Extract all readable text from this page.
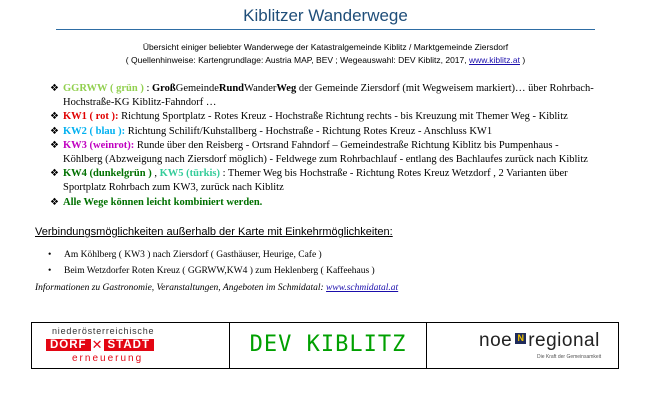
Kiblitzer Wanderwege
Übersicht einiger beliebter Wanderwege der Katastralgemeinde Kiblitz / Marktgemeinde Ziersdorf
( Quellenhinweise: Kartengrundlage: Austria MAP, BEV ; Wegeauswahl: DEV Kiblitz, 2017, www.kiblitz.at )

❖ GGRWW ( grün ) : GroßGemeindeRundWanderWeg der Gemeinde Ziersdorf (mit Wegweisem markiert)… über Rohrbach-Hochstraße-KG Kiblitz-Fahndorf …

❖ KW1 ( rot ): Richtung Sportplatz - Rotes Kreuz - Hochstraße Richtung rechts - bis Kreuzung mit Themer Weg - Kiblitz

❖ KW2 ( blau ): Richtung Schilift/Kuhstallberg - Hochstraße - Richtung Rotes Kreuz - Anschluss KW1

❖ KW3 (weinrot): Runde über den Reisberg - Ortsrand Fahndorf – Gemeindestraße Richtung Kiblitz bis Pumpenhaus - Köhlberg (Abzweigung nach Ziersdorf möglich) - Feldwege zum Rohrbachlauf - entlang des Bachlaufes zurück nach Kiblitz

❖ KW4 (dunkelgrün ) , KW5 (türkis) : Themer Weg bis Hochstraße - Richtung Rotes Kreuz Wetzdorf , 2 Varianten über Sportplatz Rohrbach zum KW3, zurück nach Kiblitz

❖ Alle Wege können leicht kombiniert werden.

Verbindungsmöglichkeiten außerhalb der Karte mit Einkehrmöglichkeiten:
• Am Köhlberg ( KW3 ) nach Ziersdorf ( Gasthäuser, Heurige, Cafe )
• Beim Wetzdorfer Roten Kreuz ( GGRWW,KW4 ) zum Heklenberg ( Kaffeehaus )
Informationen zu Gastronomie, Veranstaltungen, Angeboten im Schmidatal: www.schmidatal.at
niederösterreichische
DORF ✕ STADT
erneuerung
DEV KIBLITZ	noe N regional
Die Kraft der Gemeinsamkeit
